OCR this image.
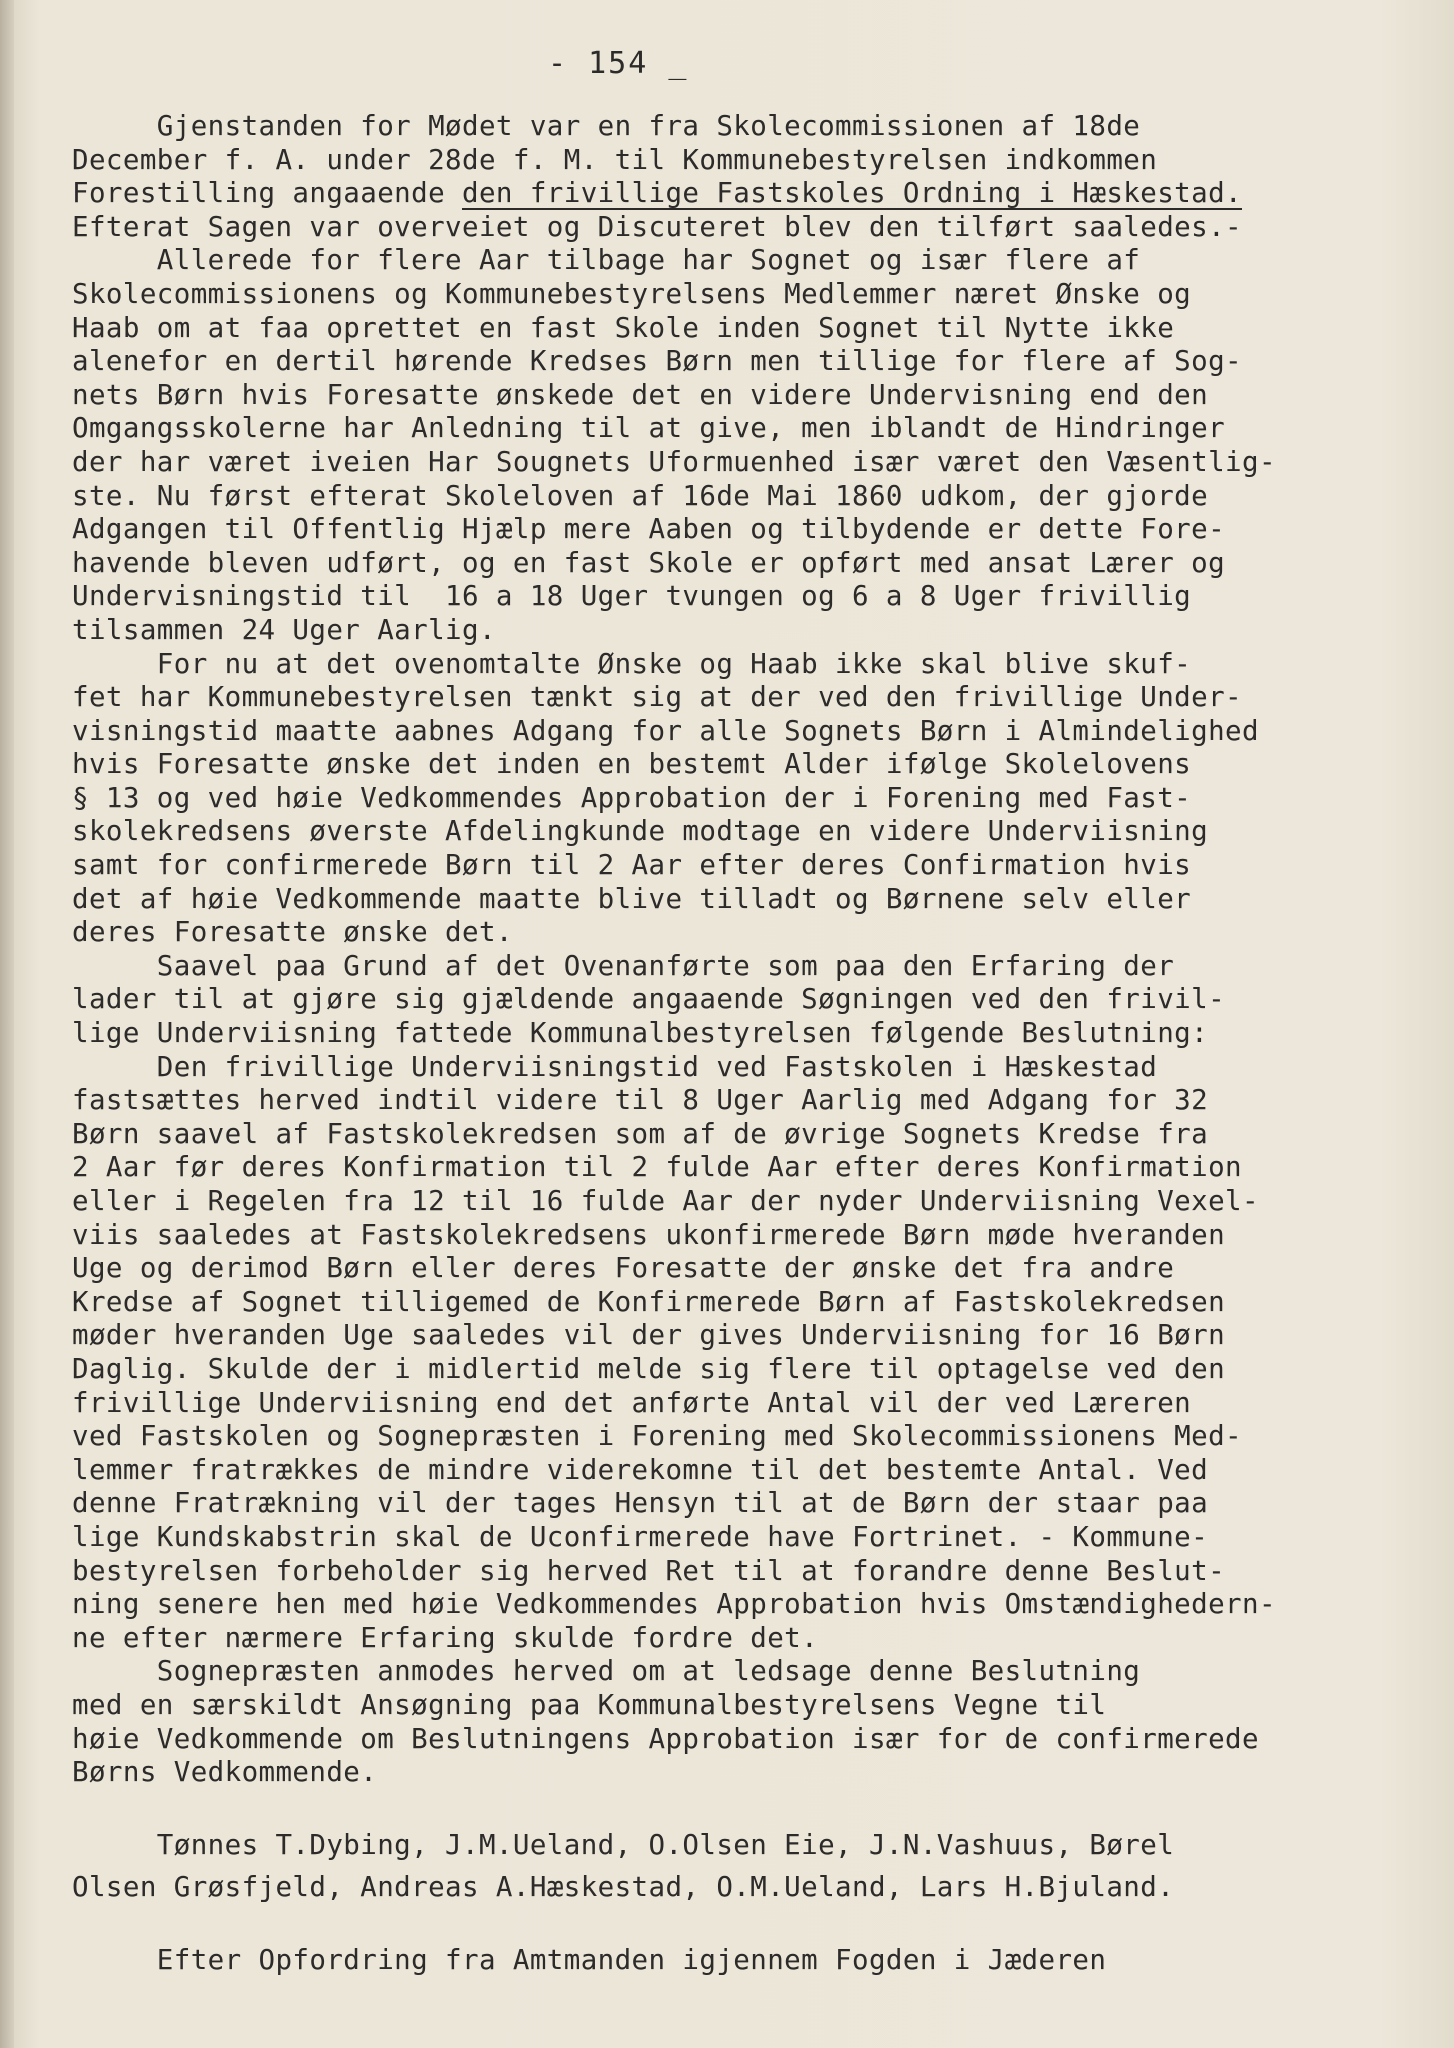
- 154 _
Gjenstanden for Mødet var en fra Skolecommissionen af 18de
December f. A. under 28de f. M. til Kommunebestyrelsen indkommen
Forestilling angaaende den frivillige Fastskoles Ordning i Hæskestad.
Efterat Sagen var overveiet og Discuteret blev den tilført saaledes.-
Allerede for flere Aar tilbage har Sognet og især flere af
Skolecommissionens og Kommunebestyrelsens Medlemmer næret Ønske og
Haab om at faa oprettet en fast Skole inden Sognet til Nytte ikke
alenefor en dertil hørende Kredses Børn men tillige for flere af Sog-
nets Børn hvis Foresatte ønskede det en videre Undervisning end den
Omgangsskolerne har Anledning til at give, men iblandt de Hindringer
der har været iveien Har Sougnets Uformuenhed især været den Væsentlig-
ste. Nu først efterat Skoleloven af 16de Mai 1860 udkom, der gjorde
Adgangen til Offentlig Hjælp mere Aaben og tilbydende er dette Fore-
havende bleven udført, og en fast Skole er opført med ansat Lærer og
Undervisningstid til  16 a 18 Uger tvungen og 6 a 8 Uger frivillig
tilsammen 24 Uger Aarlig.
For nu at det ovenomtalte Ønske og Haab ikke skal blive skuf-
fet har Kommunebestyrelsen tænkt sig at der ved den frivillige Under-
visningstid maatte aabnes Adgang for alle Sognets Børn i Almindelighed
hvis Foresatte ønske det inden en bestemt Alder ifølge Skolelovens
§ 13 og ved høie Vedkommendes Approbation der i Forening med Fast-
skolekredsens øverste Afdelingkunde modtage en videre Underviisning
samt for confirmerede Børn til 2 Aar efter deres Confirmation hvis
det af høie Vedkommende maatte blive tilladt og Børnene selv eller
deres Foresatte ønske det.
Saavel paa Grund af det Ovenanførte som paa den Erfaring der
lader til at gjøre sig gjældende angaaende Søgningen ved den frivil-
lige Underviisning fattede Kommunalbestyrelsen følgende Beslutning:
Den frivillige Underviisningstid ved Fastskolen i Hæskestad
fastsættes herved indtil videre til 8 Uger Aarlig med Adgang for 32
Børn saavel af Fastskolekredsen som af de øvrige Sognets Kredse fra
2 Aar før deres Konfirmation til 2 fulde Aar efter deres Konfirmation
eller i Regelen fra 12 til 16 fulde Aar der nyder Underviisning Vexel-
viis saaledes at Fastskolekredsens ukonfirmerede Børn møde hveranden
Uge og derimod Børn eller deres Foresatte der ønske det fra andre
Kredse af Sognet tilligemed de Konfirmerede Børn af Fastskolekredsen
møder hveranden Uge saaledes vil der gives Underviisning for 16 Børn
Daglig. Skulde der i midlertid melde sig flere til optagelse ved den
frivillige Underviisning end det anførte Antal vil der ved Læreren
ved Fastskolen og Sognepræsten i Forening med Skolecommissionens Med-
lemmer fratrækkes de mindre viderekomne til det bestemte Antal. Ved
denne Fratrækning vil der tages Hensyn til at de Børn der staar paa
lige Kundskabstrin skal de Uconfirmerede have Fortrinet. - Kommune-
bestyrelsen forbeholder sig herved Ret til at forandre denne Beslut-
ning senere hen med høie Vedkommendes Approbation hvis Omstændighedern-
ne efter nærmere Erfaring skulde fordre det.
Sognepræsten anmodes herved om at ledsage denne Beslutning
med en særskildt Ansøgning paa Kommunalbestyrelsens Vegne til
høie Vedkommende om Beslutningens Approbation især for de confirmerede
Børns Vedkommende.
Tønnes T.Dybing, J.M.Ueland, O.Olsen Eie, J.N.Vashuus, Børel
Olsen Grøsfjeld, Andreas A.Hæskestad, O.M.Ueland, Lars H.Bjuland.
Efter Opfordring fra Amtmanden igjennem Fogden i Jæderen
